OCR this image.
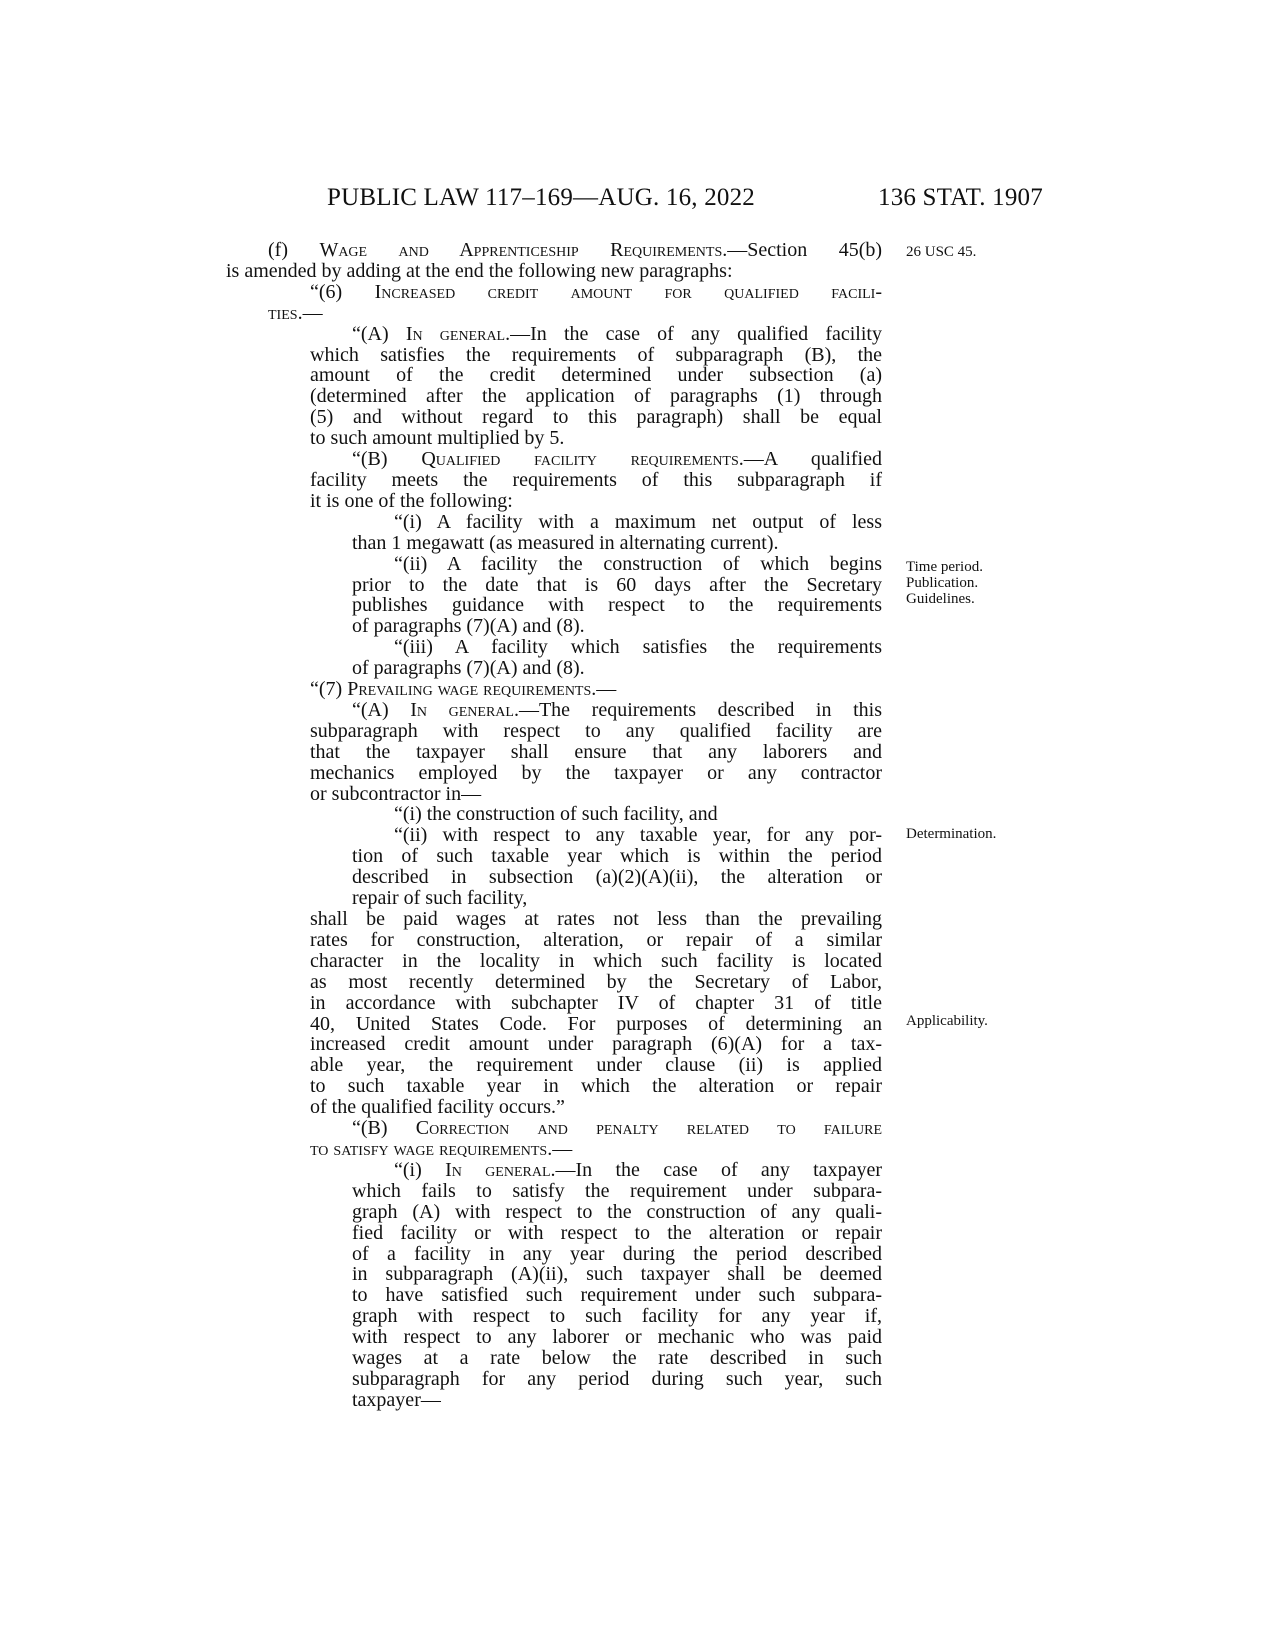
PUBLIC LAW 117–169—AUG. 16, 2022	136 STAT. 1907
(f) Wage and Apprenticeship Requirements.—Section 45(b)
is amended by adding at the end the following new paragraphs:
“(6) Increased credit amount for qualified facili-
ties.—
“(A) In general.—In the case of any qualified facility
which satisfies the requirements of subparagraph (B), the
amount of the credit determined under subsection (a)
(determined after the application of paragraphs (1) through
(5) and without regard to this paragraph) shall be equal
to such amount multiplied by 5.
“(B) Qualified facility requirements.—A qualified
facility meets the requirements of this subparagraph if
it is one of the following:
“(i) A facility with a maximum net output of less
than 1 megawatt (as measured in alternating current).
“(ii) A facility the construction of which begins
prior to the date that is 60 days after the Secretary
publishes guidance with respect to the requirements
of paragraphs (7)(A) and (8).
“(iii) A facility which satisfies the requirements
of paragraphs (7)(A) and (8).
“(7) Prevailing wage requirements.—
“(A) In general.—The requirements described in this
subparagraph with respect to any qualified facility are
that the taxpayer shall ensure that any laborers and
mechanics employed by the taxpayer or any contractor
or subcontractor in—
“(i) the construction of such facility, and
“(ii) with respect to any taxable year, for any por-
tion of such taxable year which is within the period
described in subsection (a)(2)(A)(ii), the alteration or
repair of such facility,
shall be paid wages at rates not less than the prevailing
rates for construction, alteration, or repair of a similar
character in the locality in which such facility is located
as most recently determined by the Secretary of Labor,
in accordance with subchapter IV of chapter 31 of title
40, United States Code. For purposes of determining an
increased credit amount under paragraph (6)(A) for a tax-
able year, the requirement under clause (ii) is applied
to such taxable year in which the alteration or repair
of the qualified facility occurs.”
“(B) Correction and penalty related to failure
to satisfy wage requirements.—
“(i) In general.—In the case of any taxpayer
which fails to satisfy the requirement under subpara-
graph (A) with respect to the construction of any quali-
fied facility or with respect to the alteration or repair
of a facility in any year during the period described
in subparagraph (A)(ii), such taxpayer shall be deemed
to have satisfied such requirement under such subpara-
graph with respect to such facility for any year if,
with respect to any laborer or mechanic who was paid
wages at a rate below the rate described in such
subparagraph for any period during such year, such
taxpayer—
26 USC 45.
Time period.
Publication.
Guidelines.
Determination.
Applicability.
